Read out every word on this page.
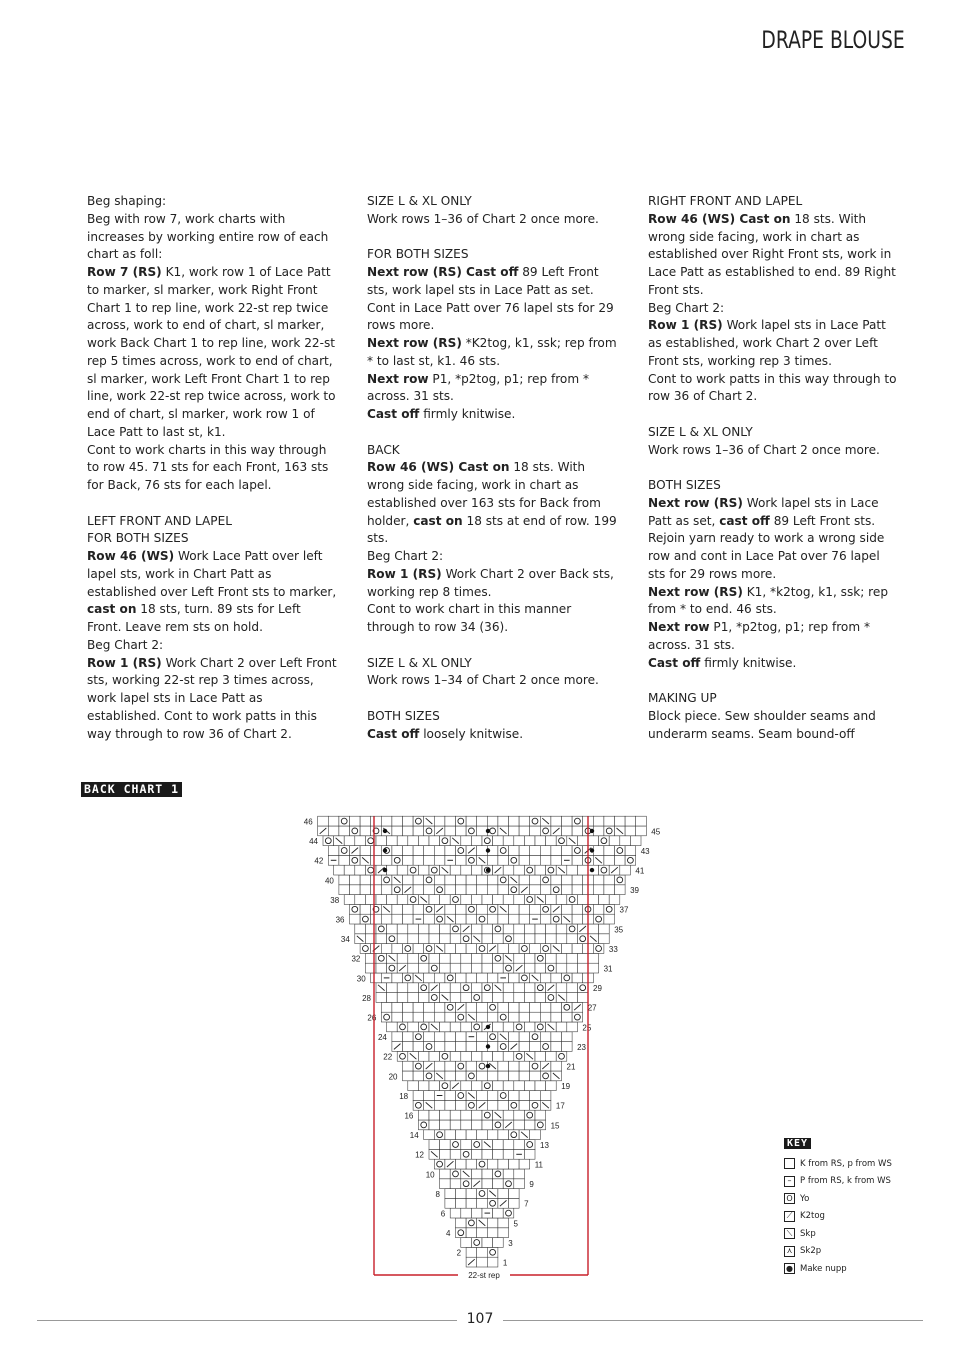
DRAPE BLOUSE

Beg shaping:

Beg with row 7, work charts with increases by working entire row of each chart as foll:

Row 7 (RS) K1, work row 1 of Lace Patt to marker, sl marker, work Right Front Chart 1 to rep line, work 22-st rep twice across, work to end of chart, sl marker, work Back Chart 1 to rep line, work 22-st rep 5 times across, work to end of chart, sl marker, work Left Front Chart 1 to rep line, work 22-st rep twice across, work to end of chart, sl marker, work row 1 of Lace Patt to last st, k1.

Cont to work charts in this way through to row 45. 71 sts for each Front, 163 sts for Back, 76 sts for each lapel.

LEFT FRONT AND LAPEL

FOR BOTH SIZES

Row 46 (WS) Work Lace Patt over left lapel sts, work in Chart Patt as established over Left Front sts to marker, cast on 18 sts, turn. 89 sts for Left Front. Leave rem sts on hold.

Beg Chart 2:

Row 1 (RS) Work Chart 2 over Left Front sts, working 22-st rep 3 times across, work lapel sts in Lace Patt as established. Cont to work patts in this way through to row 36 of Chart 2.

SIZE L & XL ONLY

Work rows 1–36 of Chart 2 once more.

FOR BOTH SIZES

Next row (RS) Cast off 89 Left Front sts, work lapel sts in Lace Patt as set. Cont in Lace Patt over 76 lapel sts for 29 rows more.

Next row (RS) *K2tog, k1, ssk; rep from * to last st, k1. 46 sts.

Next row P1, *p2tog, p1; rep from * across. 31 sts.

Cast off firmly knitwise.

BACK

Row 46 (WS) Cast on 18 sts. With wrong side facing, work in chart as established over 163 sts for Back from holder, cast on 18 sts at end of row. 199 sts.

Beg Chart 2:

Row 1 (RS) Work Chart 2 over Back sts, working rep 8 times.

Cont to work chart in this manner through to row 34 (36).

SIZE L & XL ONLY

Work rows 1–34 of Chart 2 once more.

BOTH SIZES

Cast off loosely knitwise.

RIGHT FRONT AND LAPEL

Row 46 (WS) Cast on 18 sts. With wrong side facing, work in chart as established over Right Front sts, work in Lace Patt as established to end. 89 Right Front sts.

Beg Chart 2:

Row 1 (RS) Work lapel sts in Lace Patt as established, work Chart 2 over Left Front sts, working rep 3 times.

Cont to work patts in this way through to row 36 of Chart 2.

SIZE L & XL ONLY

Work rows 1–36 of Chart 2 once more.

BOTH SIZES

Next row (RS) Work lapel sts in Lace Patt as set, cast off 89 Left Front sts. Rejoin yarn ready to work a wrong side row and cont in Lace Pat over 76 lapel sts for 29 rows more.

Next row (RS) K1, *k2tog, k1, ssk; rep from * to end. 46 sts.

Next row P1, *p2tog, p1; rep from * across. 31 sts.

Cast off firmly knitwise.

MAKING UP

Block piece. Sew shoulder seams and underarm seams. Seam bound-off

BACK CHART 1
1
2
3
4
5
6
7
8
9
10
11
12
13
14
15
16
17
18
19
20
21
22
23
24
25
26
27
28
29
30
31
32
33
34
35
36
37
38
39
40
41
42
43
44
45
46
22-st rep
KEY
K from RS, p from WS
–	P from RS, k from WS
O Yo
⟋ K2tog
⟍ Skp
⋏ Sk2p
● Make nupp
107
